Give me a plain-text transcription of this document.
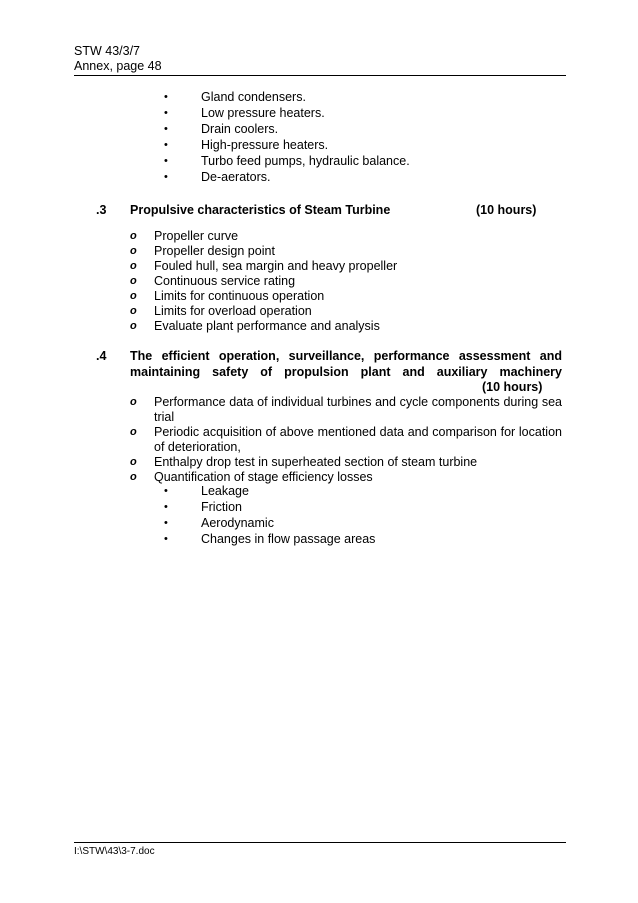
STW 43/3/7
Annex, page 48
•	Gland condensers.
•	Low pressure heaters.
•	Drain coolers.
•	High-pressure heaters.
•	Turbo feed pumps, hydraulic balance.
•	De-aerators.
.3 Propulsive characteristics of Steam Turbine	(10 hours)
o Propeller curve
o Propeller design point
o Fouled hull, sea margin and heavy propeller
o Continuous service rating
o Limits for continuous operation
o Limits for overload operation
o Evaluate plant performance and analysis
.4 The efficient operation, surveillance, performance assessment and
maintaining safety of propulsion plant and auxiliary machinery
(10 hours)
o Performance data of individual turbines and cycle components during sea trial
o Periodic acquisition of above mentioned data and comparison for location of deterioration,
o Enthalpy drop test in superheated section of steam turbine
o Quantification of stage efficiency losses
•	Leakage
•	Friction
•	Aerodynamic
•	Changes in flow passage areas
I:\STW\43\3-7.doc
